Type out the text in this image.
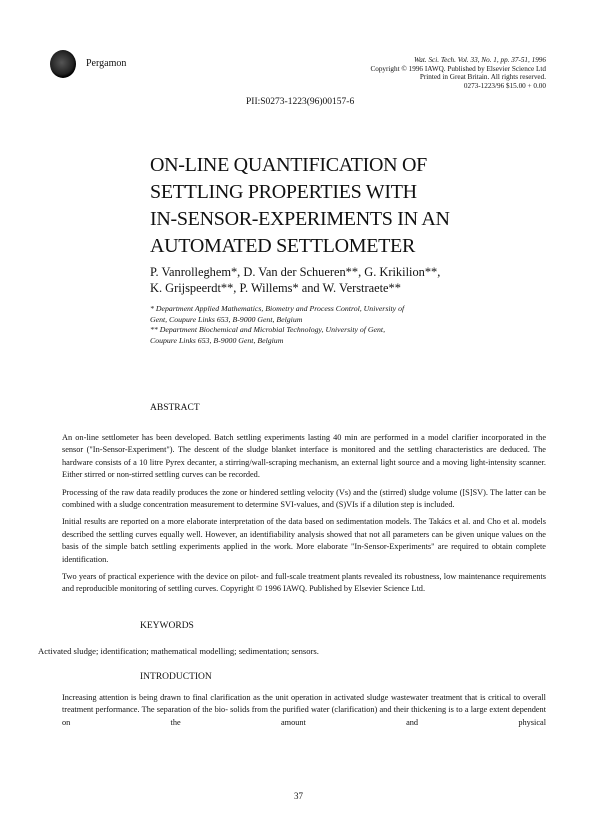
Pergamon	Wat. Sci. Tech. Vol. 33, No. 1, pp. 37-51, 1996
Copyright © 1996 IAWQ. Published by Elsevier Science Ltd
Printed in Great Britain. All rights reserved.
0273-1223/96 $15.00 + 0.00
PII:S0273-1223(96)00157-6
ON-LINE QUANTIFICATION OF
SETTLING PROPERTIES WITH
IN-SENSOR-EXPERIMENTS IN AN
AUTOMATED SETTLOMETER
P. Vanrolleghem*, D. Van der Schueren**, G. Krikilion**,
K. Grijspeerdt**, P. Willems* and W. Verstraete**
* Department Applied Mathematics, Biometry and Process Control, University of
Gent, Coupure Links 653, B-9000 Gent, Belgium
** Department Biochemical and Microbial Technology, University of Gent,
Coupure Links 653, B-9000 Gent, Belgium
ABSTRACT

An on-line settlometer has been developed. Batch settling experiments lasting 40 min are performed in a model clarifier incorporated in the sensor ("In-Sensor-Experiment"). The descent of the sludge blanket interface is monitored and the settling characteristics are deduced. The hardware consists of a 10 litre Pyrex decanter, a stirring/wall-scraping mechanism, an external light source and a moving light-intensity scanner. Either stirred or non-stirred settling curves can be recorded.

Processing of the raw data readily produces the zone or hindered settling velocity (Vs) and the (stirred) sludge volume ([S]SV). The latter can be combined with a sludge concentration measurement to determine SVI-values, and (S)VIs if a dilution step is included.

Initial results are reported on a more elaborate interpretation of the data based on sedimentation models. The Takács et al. and Cho et al. models described the settling curves equally well. However, an identifiability analysis showed that not all parameters can be given unique values on the basis of the simple batch settling experiments applied in the work. More elaborate "In-Sensor-Experiments" are required to obtain complete identification.

Two years of practical experience with the device on pilot- and full-scale treatment plants revealed its robustness, low maintenance requirements and reproducible monitoring of settling curves. Copyright © 1996 IAWQ. Published by Elsevier Science Ltd.

KEYWORDS
Activated sludge; identification; mathematical modelling; sedimentation; sensors.
INTRODUCTION

Increasing attention is being drawn to final clarification as the unit operation in activated sludge wastewater treatment that is critical to overall treatment performance. The separation of the bio- solids from the purified water (clarification) and their thickening is to a large extent dependent on the amount and physical

37
